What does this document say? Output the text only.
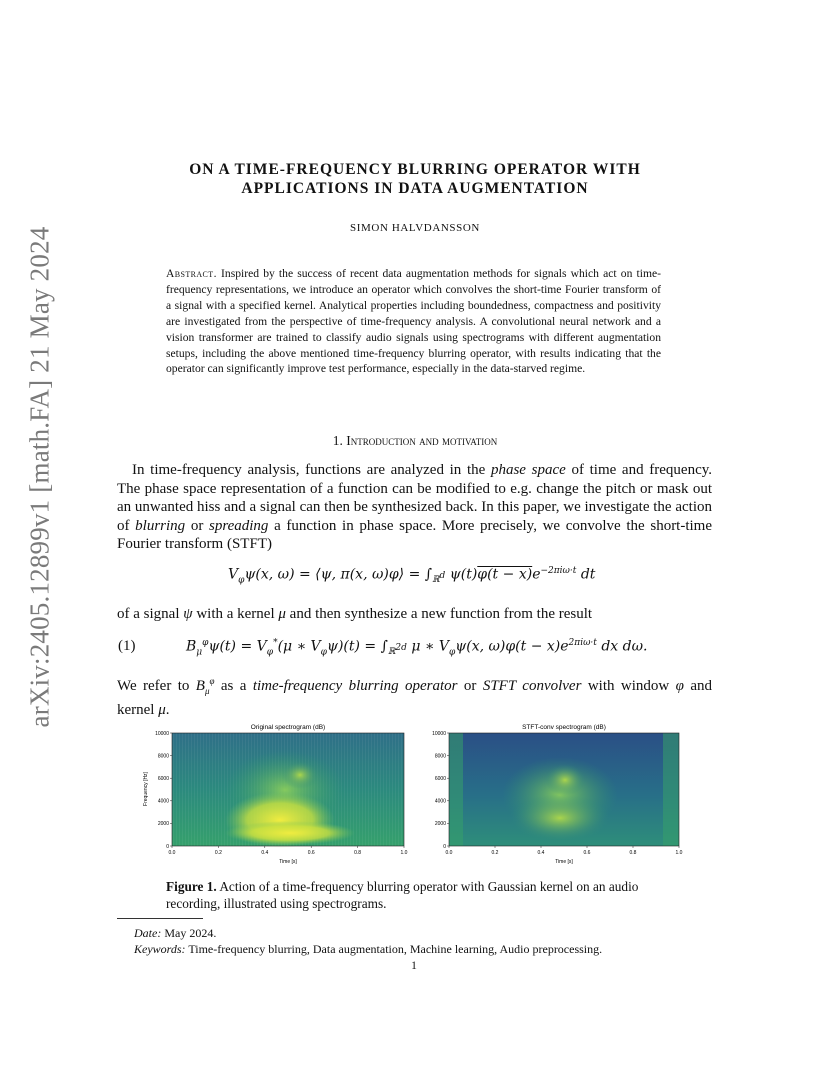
arXiv:2405.12899v1 [math.FA] 21 May 2024
ON A TIME-FREQUENCY BLURRING OPERATOR WITH
APPLICATIONS IN DATA AUGMENTATION
SIMON HALVDANSSON
Abstract. Inspired by the success of recent data augmentation methods for signals which act on time-frequency representations, we introduce an operator which convolves the short-time Fourier transform of a signal with a specified kernel. Analytical properties including boundedness, compactness and positivity are investigated from the perspective of time-frequency analysis. A convolutional neural network and a vision transformer are trained to classify audio signals using spectrograms with different augmentation setups, including the above mentioned time-frequency blurring operator, with results indicating that the operator can significantly improve test performance, especially in the data-starved regime.
1. Introduction and motivation
In time-frequency analysis, functions are analyzed in the phase space of time and frequency. The phase space representation of a function can be modified to e.g. change the pitch or mask out an unwanted hiss and a signal can then be synthesized back. In this paper, we investigate the action of blurring or spreading a function in phase space. More precisely, we convolve the short-time Fourier transform (STFT)
$V_\varphi\psi(x$, ω) = ⟨ψ, π(x, ω)φ⟩ = $\int_{ℝ^d}$ $\psi(t)\varphi(t - x)e^{-2\pi i\omega\cdot t}$ dt
of a signal ψ with a kernel μ and then synthesize a new function from the result
(1)	$B_\mu^\varphi\psi(t) = V_\varphi^*(\mu$ ∗ $V_\varphi\psi)(t) = \int_{ℝ^{2d}}$ μ ∗ $V_\varphi\psi(x$, $\omega)\varphi(t - x)e^{2\pi i\omega\cdot t}$ dx dω.
We refer to $B_\mu^\varphi$ as a time-frequency blurring operator or STFT convolver with window φ and kernel μ.
Original spectrogram (dB)	STFT-conv spectrogram (dB)
0.0	0.2	0.4	0.6	0.8	1.0
0
2000
4000
6000
8000
10000
0.0	0.2	0.4	0.6	0.8	1.0
0
2000
4000
6000
8000
10000
Frequency [Hz]
Time [s]	Time [s]
Figure 1. Action of a time-frequency blurring operator with Gaussian kernel on an audio recording, illustrated using spectrograms.
Date: May 2024.
Keywords: Time-frequency blurring, Data augmentation, Machine learning, Audio preprocessing.
1
